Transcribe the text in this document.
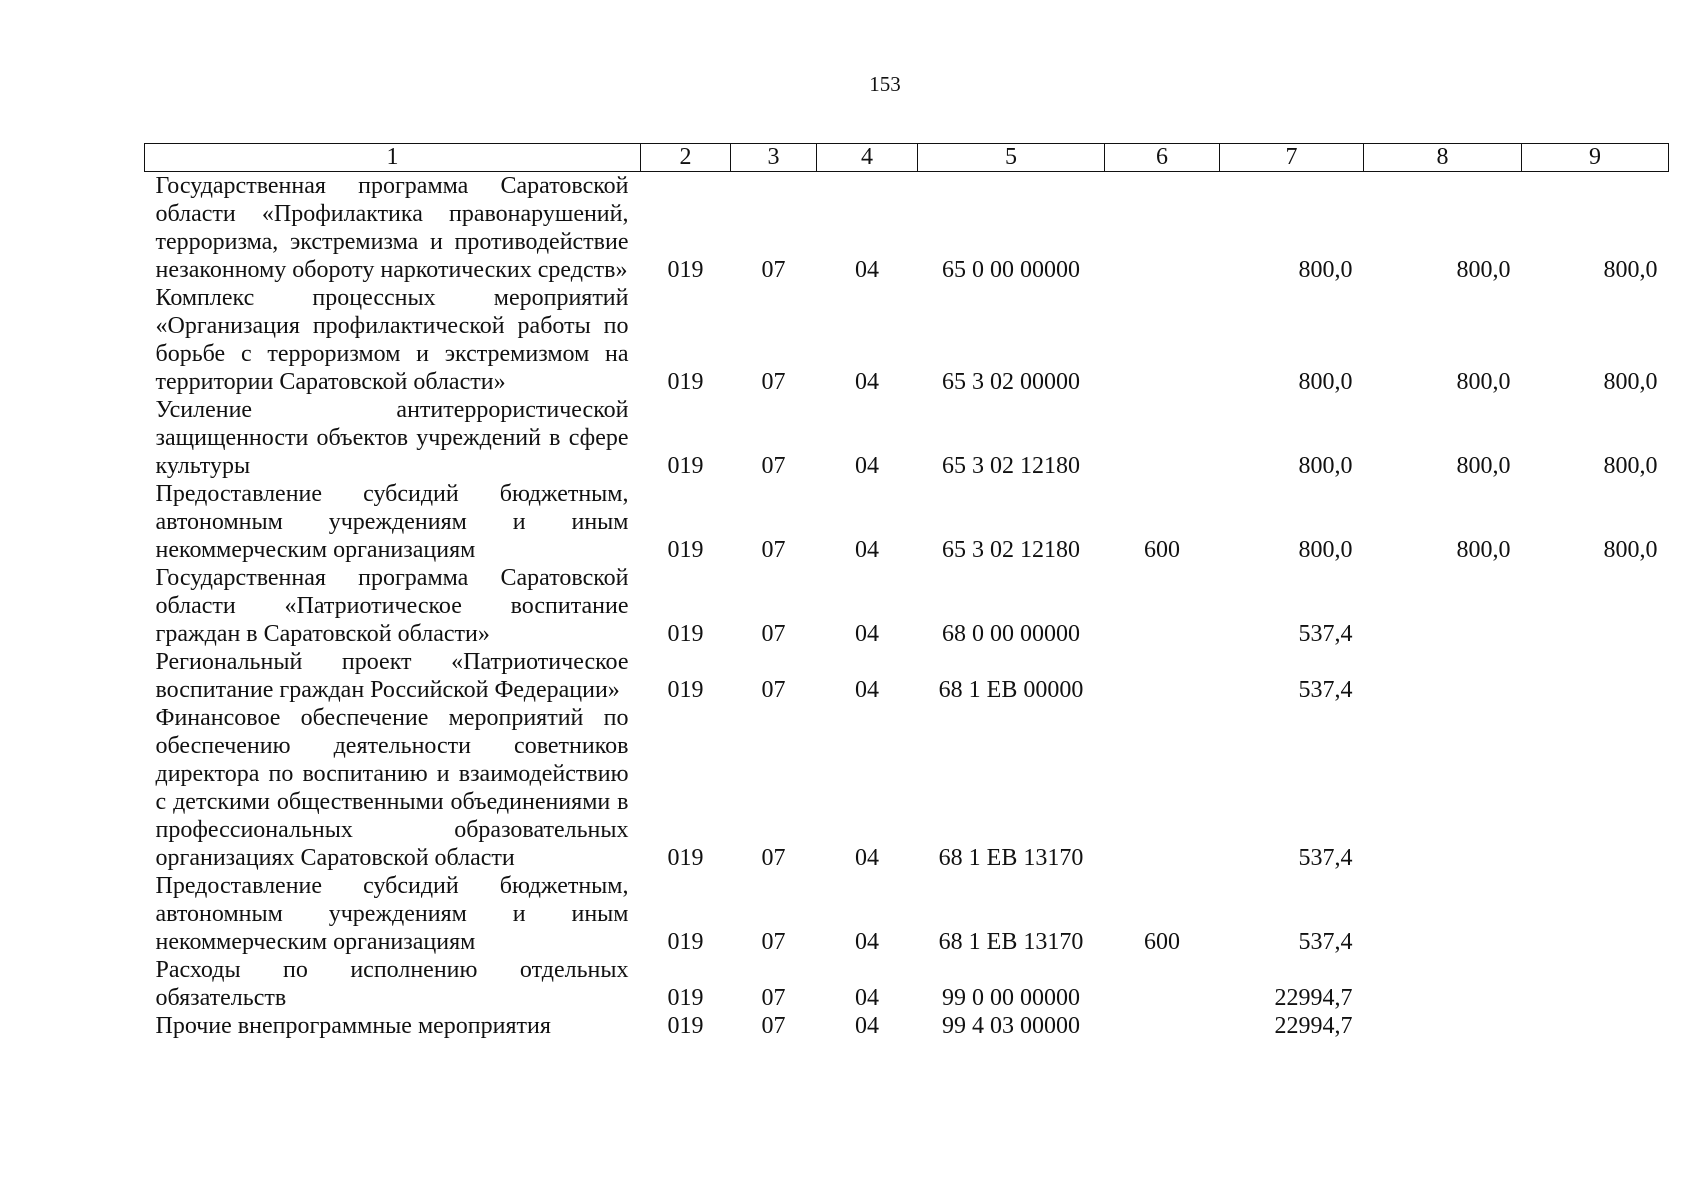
153
1	2	3	4	5	6	7	8	9
Государственная программа Саратовской области «Профилактика правонарушений, терроризма, экстремизма и противодействие незаконному обороту наркотических средств»	019	07	04	65 0 00 00000		800,0	800,0	800,0
Комплекс процессных мероприятий «Организация профилактической работы по борьбе с терроризмом и экстремизмом на территории Саратовской области»	019	07	04	65 3 02 00000		800,0	800,0	800,0
Усиление антитеррористической защищенности объектов учреждений в сфере культуры	019	07	04	65 3 02 12180		800,0	800,0	800,0
Предоставление субсидий бюджетным, автономным учреждениям и иным некоммерческим организациям	019	07	04	65 3 02 12180	600	800,0	800,0	800,0
Государственная программа Саратовской области «Патриотическое воспитание граждан в Саратовской области»	019	07	04	68 0 00 00000		537,4		
Региональный проект «Патриотическое воспитание граждан Российской Федерации»	019	07	04	68 1 EB 00000		537,4		
Финансовое обеспечение мероприятий по обеспечению деятельности советников директора по воспитанию и взаимодействию с детскими общественными объединениями в профессиональных образовательных организациях Саратовской области	019	07	04	68 1 EB 13170		537,4		
Предоставление субсидий бюджетным, автономным учреждениям и иным некоммерческим организациям	019	07	04	68 1 EB 13170	600	537,4		
Расходы по исполнению отдельных обязательств	019	07	04	99 0 00 00000		22994,7		
Прочие внепрограммные мероприятия	019	07	04	99 4 03 00000		22994,7		
